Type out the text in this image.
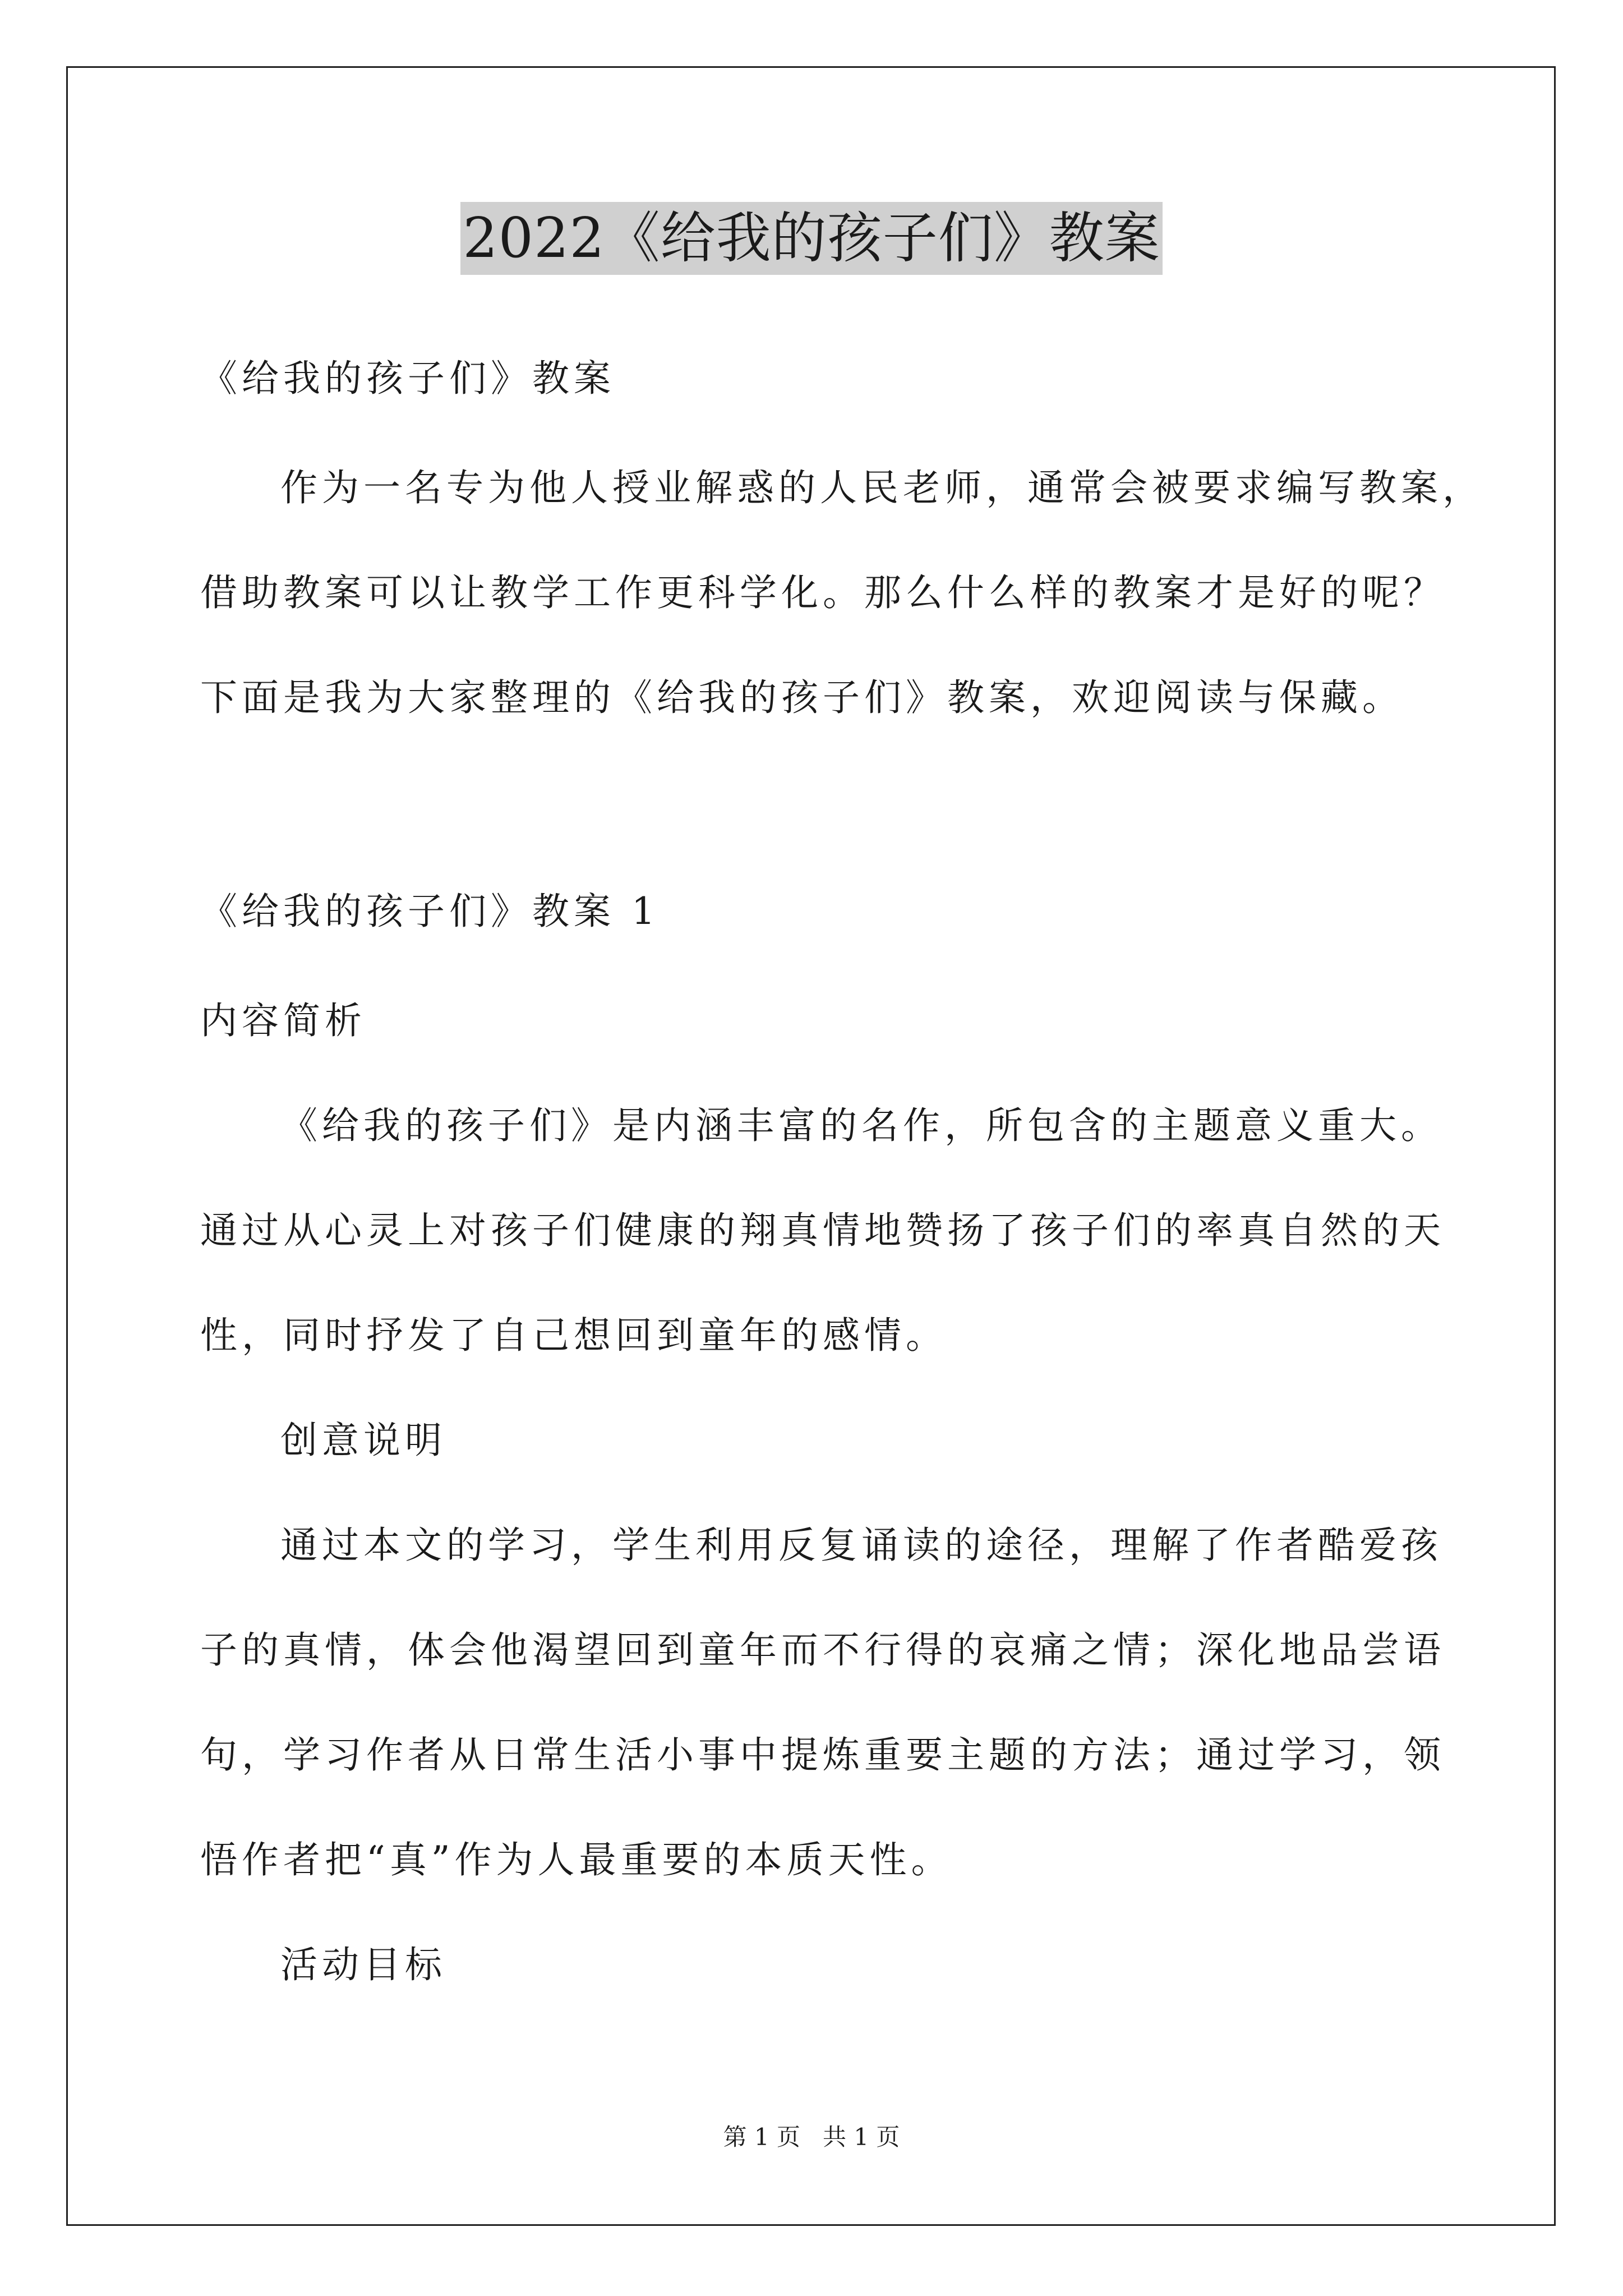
2022《给我的孩子们》教案
《给我的孩子们》教案
作为一名专为他人授业解惑的人民老师，通常会被要求编写教案，
借助教案可以让教学工作更科学化。那么什么样的教案才是好的呢？
下面是我为大家整理的《给我的孩子们》教案，欢迎阅读与保藏。
《给我的孩子们》教案 1
内容简析
《给我的孩子们》是内涵丰富的名作，所包含的主题意义重大。
通过从心灵上对孩子们健康的翔真情地赞扬了孩子们的率真自然的天
性，同时抒发了自己想回到童年的感情。
创意说明
通过本文的学习，学生利用反复诵读的途径，理解了作者酷爱孩
子的真情，体会他渴望回到童年而不行得的哀痛之情；深化地品尝语
句，学习作者从日常生活小事中提炼重要主题的方法；通过学习，领
悟作者把“真”作为人最重要的本质天性。
活动目标
第 1 页 共 1 页
